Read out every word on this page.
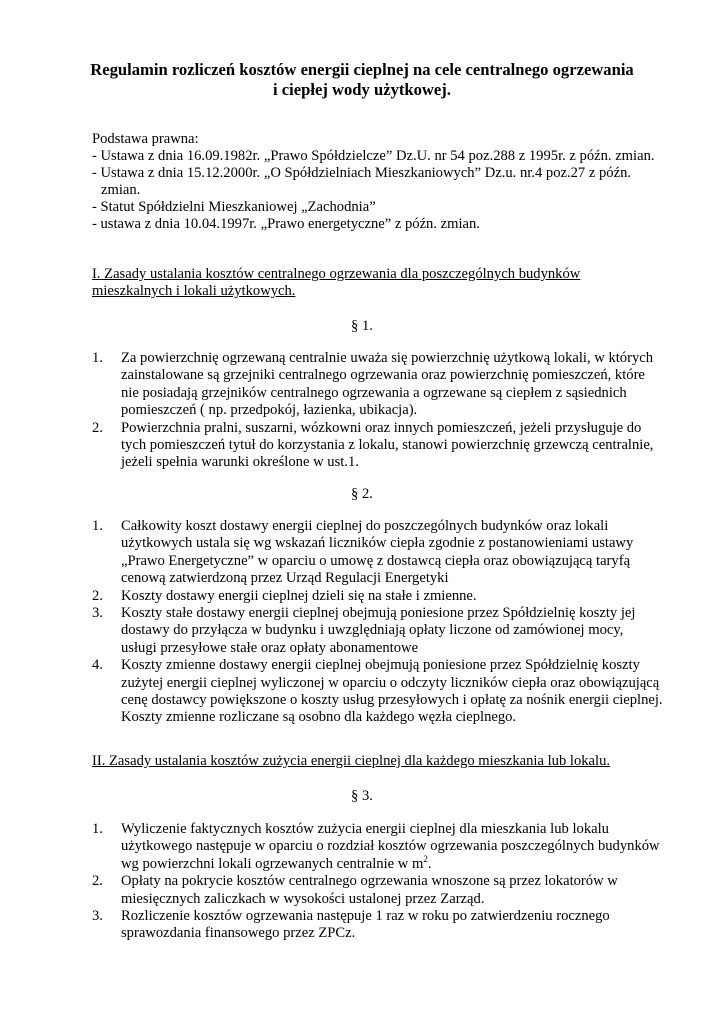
Regulamin rozliczeń kosztów energii cieplnej na cele centralnego ogrzewania
i ciepłej wody użytkowej.
Podstawa prawna:
- Ustawa z dnia 16.09.1982r. „Prawo Spółdzielcze” Dz.U. nr 54 poz.288 z 1995r. z późn. zmian.
- Ustawa z dnia 15.12.2000r. „O Spółdzielniach Mieszkaniowych” Dz.u. nr.4 poz.27 z późn.
zmian.
- Statut Spółdzielni Mieszkaniowej „Zachodnia”
- ustawa z dnia 10.04.1997r. „Prawo energetyczne” z późn. zmian.
I. Zasady ustalania kosztów centralnego ogrzewania dla poszczególnych budynków
mieszkalnych i lokali użytkowych.
§ 1.
1. Za powierzchnię ogrzewaną centralnie uważa się powierzchnię użytkową lokali, w których
zainstalowane są grzejniki centralnego ogrzewania oraz powierzchnię pomieszczeń, które
nie posiadają grzejników centralnego ogrzewania a ogrzewane są ciepłem z sąsiednich
pomieszczeń ( np. przedpokój, łazienka, ubikacja).
2. Powierzchnia pralni, suszarni, wózkowni oraz innych pomieszczeń, jeżeli przysługuje do
tych pomieszczeń tytuł do korzystania z lokalu, stanowi powierzchnię grzewczą centralnie,
jeżeli spełnia warunki określone w ust.1.
§ 2.
1. Całkowity koszt dostawy energii cieplnej do poszczególnych budynków oraz lokali
użytkowych ustala się wg wskazań liczników ciepła zgodnie z postanowieniami ustawy
„Prawo Energetyczne” w oparciu o umowę z dostawcą ciepła oraz obowiązującą taryfą
cenową zatwierdzoną przez Urząd Regulacji Energetyki
2. Koszty dostawy energii cieplnej dzieli się na stałe i zmienne.
3. Koszty stałe dostawy energii cieplnej obejmują poniesione przez Spółdzielnię koszty jej
dostawy do przyłącza w budynku i uwzględniają opłaty liczone od zamówionej mocy,
usługi przesyłowe stałe oraz opłaty abonamentowe
4. Koszty zmienne dostawy energii cieplnej obejmują poniesione przez Spółdzielnię koszty
zużytej energii cieplnej wyliczonej w oparciu o odczyty liczników ciepła oraz obowiązującą
cenę dostawcy powiększone o koszty usług przesyłowych i opłatę za nośnik energii cieplnej.
Koszty zmienne rozliczane są osobno dla każdego węzła cieplnego.
II. Zasady ustalania kosztów zużycia energii cieplnej dla każdego mieszkania lub lokalu.
§ 3.
1. Wyliczenie faktycznych kosztów zużycia energii cieplnej dla mieszkania lub lokalu
użytkowego następuje w oparciu o rozdział kosztów ogrzewania poszczególnych budynków
wg powierzchni lokali ogrzewanych centralnie w $m^2$.
2. Opłaty na pokrycie kosztów centralnego ogrzewania wnoszone są przez lokatorów w
miesięcznych zaliczkach w wysokości ustalonej przez Zarząd.
3. Rozliczenie kosztów ogrzewania następuje 1 raz w roku po zatwierdzeniu rocznego
sprawozdania finansowego przez ZPCz.
